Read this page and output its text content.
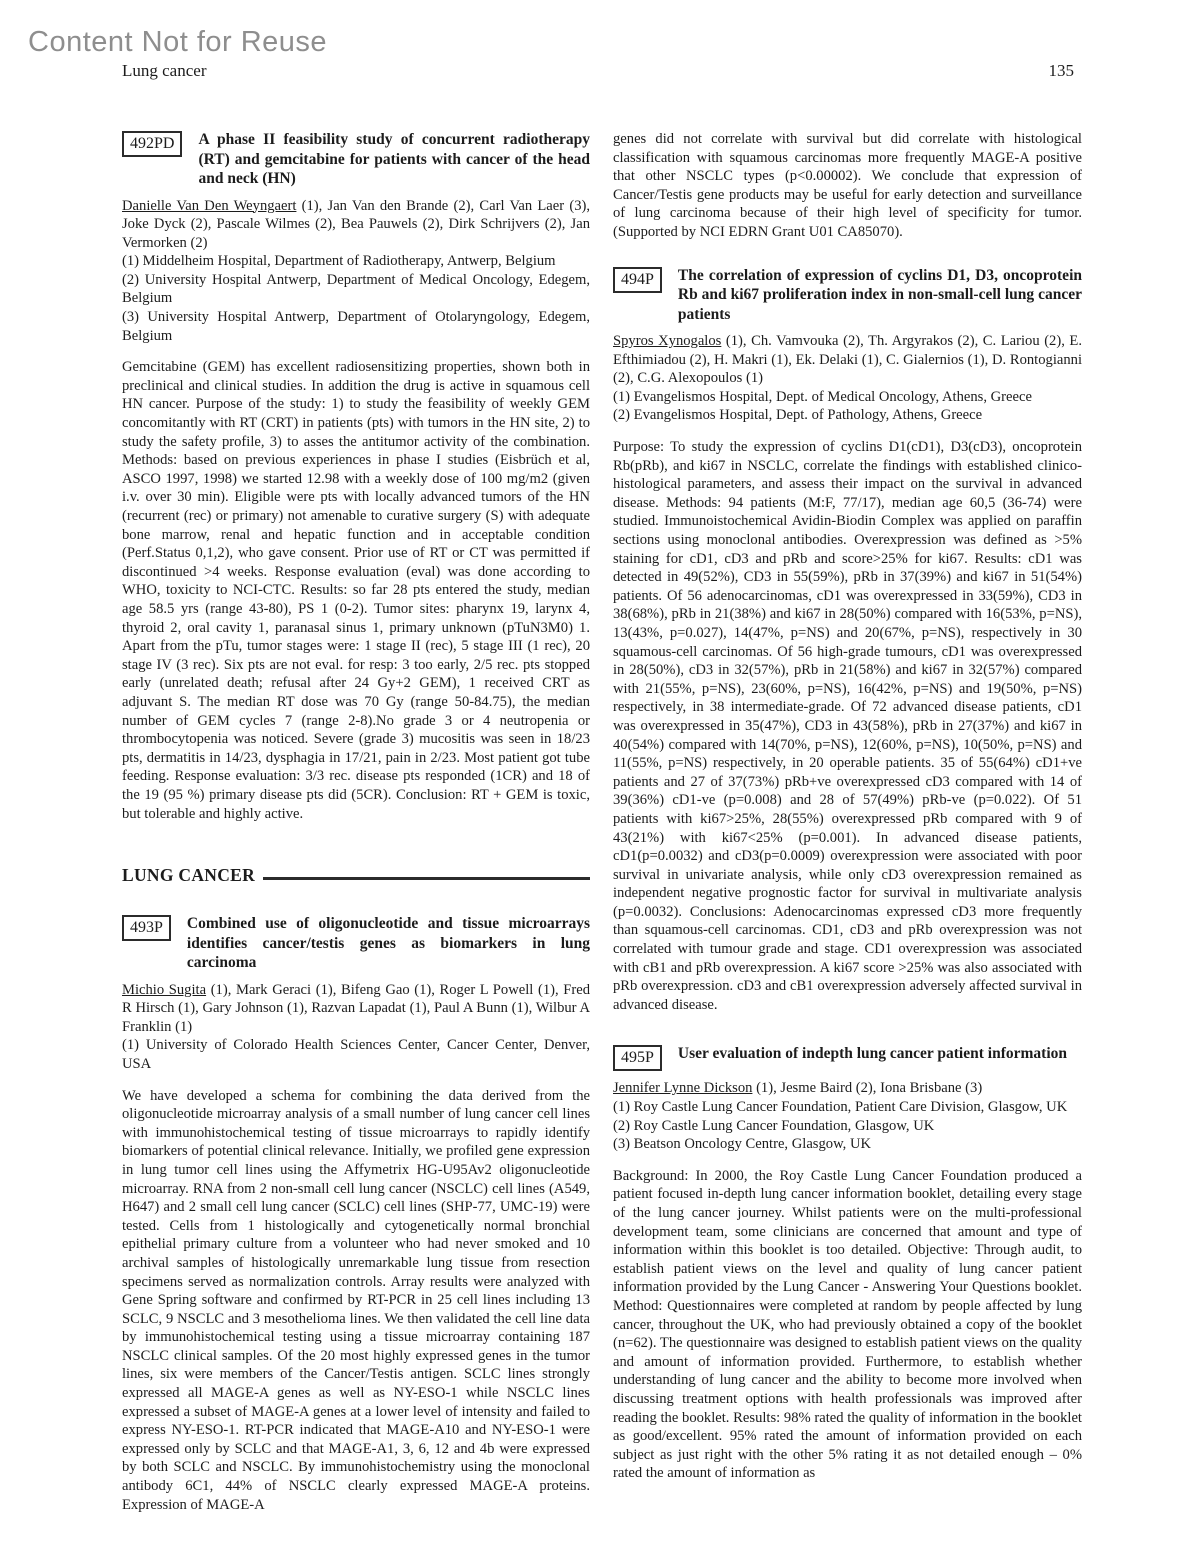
Content Not for Reuse
Lung cancer	135
492PD	A phase II feasibility study of concurrent radiotherapy (RT) and gemcitabine for patients with cancer of the head and neck (HN)

Danielle Van Den Weyngaert (1), Jan Van den Brande (2), Carl Van Laer (3), Joke Dyck (2), Pascale Wilmes (2), Bea Pauwels (2), Dirk Schrijvers (2), Jan Vermorken (2)

(1) Middelheim Hospital, Department of Radiotherapy, Antwerp, Belgium
(2) University Hospital Antwerp, Department of Medical Oncology, Edegem, Belgium
(3) University Hospital Antwerp, Department of Otolaryngology, Edegem, Belgium

Gemcitabine (GEM) has excellent radiosensitizing properties, shown both in preclinical and clinical studies. In addition the drug is active in squamous cell HN cancer. Purpose of the study: 1) to study the feasibility of weekly GEM concomitantly with RT (CRT) in patients (pts) with tumors in the HN site, 2) to study the safety profile, 3) to asses the antitumor activity of the combination. Methods: based on previous experiences in phase I studies (Eisbrüch et al, ASCO 1997, 1998) we started 12.98 with a weekly dose of 100 mg/m2 (given i.v. over 30 min). Eligible were pts with locally advanced tumors of the HN (recurrent (rec) or primary) not amenable to curative surgery (S) with adequate bone marrow, renal and hepatic function and in acceptable condition (Perf.Status 0,1,2), who gave consent. Prior use of RT or CT was permitted if discontinued >4 weeks. Response evaluation (eval) was done according to WHO, toxicity to NCI-CTC. Results: so far 28 pts entered the study, median age 58.5 yrs (range 43-80), PS 1 (0-2). Tumor sites: pharynx 19, larynx 4, thyroid 2, oral cavity 1, paranasal sinus 1, primary unknown (pTuN3M0) 1. Apart from the pTu, tumor stages were: 1 stage II (rec), 5 stage III (1 rec), 20 stage IV (3 rec). Six pts are not eval. for resp: 3 too early, 2/5 rec. pts stopped early (unrelated death; refusal after 24 Gy+2 GEM), 1 received CRT as adjuvant S. The median RT dose was 70 Gy (range 50-84.75), the median number of GEM cycles 7 (range 2-8).No grade 3 or 4 neutropenia or thrombocytopenia was noticed. Severe (grade 3) mucositis was seen in 18/23 pts, dermatitis in 14/23, dysphagia in 17/21, pain in 2/23. Most patient got tube feeding. Response evaluation: 3/3 rec. disease pts responded (1CR) and 18 of the 19 (95 %) primary disease pts did (5CR). Conclusion: RT + GEM is toxic, but tolerable and highly active.

LUNG CANCER
493P	Combined use of oligonucleotide and tissue microarrays identifies cancer/testis genes as biomarkers in lung carcinoma

Michio Sugita (1), Mark Geraci (1), Bifeng Gao (1), Roger L Powell (1), Fred R Hirsch (1), Gary Johnson (1), Razvan Lapadat (1), Paul A Bunn (1), Wilbur A Franklin (1)

(1) University of Colorado Health Sciences Center, Cancer Center, Denver, USA

We have developed a schema for combining the data derived from the oligonucleotide microarray analysis of a small number of lung cancer cell lines with immunohistochemical testing of tissue microarrays to rapidly identify biomarkers of potential clinical relevance. Initially, we profiled gene expression in lung tumor cell lines using the Affymetrix HG-U95Av2 oligonucleotide microarray. RNA from 2 non-small cell lung cancer (NSCLC) cell lines (A549, H647) and 2 small cell lung cancer (SCLC) cell lines (SHP-77, UMC-19) were tested. Cells from 1 histologically and cytogenetically normal bronchial epithelial primary culture from a volunteer who had never smoked and 10 archival samples of histologically unremarkable lung tissue from resection specimens served as normalization controls. Array results were analyzed with Gene Spring software and confirmed by RT-PCR in 25 cell lines including 13 SCLC, 9 NSCLC and 3 mesothelioma lines. We then validated the cell line data by immunohistochemical testing using a tissue microarray containing 187 NSCLC clinical samples. Of the 20 most highly expressed genes in the tumor lines, six were members of the Cancer/Testis antigen. SCLC lines strongly expressed all MAGE-A genes as well as NY-ESO-1 while NSCLC lines expressed a subset of MAGE-A genes at a lower level of intensity and failed to express NY-ESO-1. RT-PCR indicated that MAGE-A10 and NY-ESO-1 were expressed only by SCLC and that MAGE-A1, 3, 6, 12 and 4b were expressed by both SCLC and NSCLC. By immunohistochemistry using the monoclonal antibody 6C1, 44% of NSCLC clearly expressed MAGE-A proteins. Expression of MAGE-A

genes did not correlate with survival but did correlate with histological classification with squamous carcinomas more frequently MAGE-A positive that other NSCLC types (p<0.00002). We conclude that expression of Cancer/Testis gene products may be useful for early detection and surveillance of lung carcinoma because of their high level of specificity for tumor. (Supported by NCI EDRN Grant U01 CA85070).

494P	The correlation of expression of cyclins D1, D3, oncoprotein Rb and ki67 proliferation index in non-small-cell lung cancer patients

Spyros Xynogalos (1), Ch. Vamvouka (2), Th. Argyrakos (2), C. Lariou (2), E. Efthimiadou (2), H. Makri (1), Ek. Delaki (1), C. Gialernios (1), D. Rontogianni (2), C.G. Alexopoulos (1)

(1) Evangelismos Hospital, Dept. of Medical Oncology, Athens, Greece
(2) Evangelismos Hospital, Dept. of Pathology, Athens, Greece

Purpose: To study the expression of cyclins D1(cD1), D3(cD3), oncoprotein Rb(pRb), and ki67 in NSCLC, correlate the findings with established clinico-histological parameters, and assess their impact on the survival in advanced disease. Methods: 94 patients (M:F, 77/17), median age 60,5 (36-74) were studied. Immunoistochemical Avidin-Biodin Complex was applied on paraffin sections using monoclonal antibodies. Overexpression was defined as >5% staining for cD1, cD3 and pRb and score>25% for ki67. Results: cD1 was detected in 49(52%), CD3 in 55(59%), pRb in 37(39%) and ki67 in 51(54%) patients. Of 56 adenocarcinomas, cD1 was overexpressed in 33(59%), CD3 in 38(68%), pRb in 21(38%) and ki67 in 28(50%) compared with 16(53%, p=NS), 13(43%, p=0.027), 14(47%, p=NS) and 20(67%, p=NS), respectively in 30 squamous-cell carcinomas. Of 56 high-grade tumours, cD1 was overexpressed in 28(50%), cD3 in 32(57%), pRb in 21(58%) and ki67 in 32(57%) compared with 21(55%, p=NS), 23(60%, p=NS), 16(42%, p=NS) and 19(50%, p=NS) respectively, in 38 intermediate-grade. Of 72 advanced disease patients, cD1 was overexpressed in 35(47%), CD3 in 43(58%), pRb in 27(37%) and ki67 in 40(54%) compared with 14(70%, p=NS), 12(60%, p=NS), 10(50%, p=NS) and 11(55%, p=NS) respectively, in 20 operable patients. 35 of 55(64%) cD1+ve patients and 27 of 37(73%) pRb+ve overexpressed cD3 compared with 14 of 39(36%) cD1-ve (p=0.008) and 28 of 57(49%) pRb-ve (p=0.022). Of 51 patients with ki67>25%, 28(55%) overexpressed pRb compared with 9 of 43(21%) with ki67<25% (p=0.001). In advanced disease patients, cD1(p=0.0032) and cD3(p=0.0009) overexpression were associated with poor survival in univariate analysis, while only cD3 overexpression remained as independent negative prognostic factor for survival in multivariate analysis (p=0.0032). Conclusions: Adenocarcinomas expressed cD3 more frequently than squamous-cell carcinomas. CD1, cD3 and pRb overexpression was not correlated with tumour grade and stage. CD1 overexpression was associated with cB1 and pRb overexpression. A ki67 score >25% was also associated with pRb overexpression. cD3 and cB1 overexpression adversely affected survival in advanced disease.

495P	User evaluation of indepth lung cancer patient information

Jennifer Lynne Dickson (1), Jesme Baird (2), Iona Brisbane (3)

(1) Roy Castle Lung Cancer Foundation, Patient Care Division, Glasgow, UK
(2) Roy Castle Lung Cancer Foundation, Glasgow, UK
(3) Beatson Oncology Centre, Glasgow, UK

Background: In 2000, the Roy Castle Lung Cancer Foundation produced a patient focused in-depth lung cancer information booklet, detailing every stage of the lung cancer journey. Whilst patients were on the multi-professional development team, some clinicians are concerned that amount and type of information within this booklet is too detailed. Objective: Through audit, to establish patient views on the level and quality of lung cancer patient information provided by the Lung Cancer - Answering Your Questions booklet. Method: Questionnaires were completed at random by people affected by lung cancer, throughout the UK, who had previously obtained a copy of the booklet (n=62). The questionnaire was designed to establish patient views on the quality and amount of information provided. Furthermore, to establish whether understanding of lung cancer and the ability to become more involved when discussing treatment options with health professionals was improved after reading the booklet. Results: 98% rated the quality of information in the booklet as good/excellent. 95% rated the amount of information provided on each subject as just right with the other 5% rating it as not detailed enough – 0% rated the amount of information as
